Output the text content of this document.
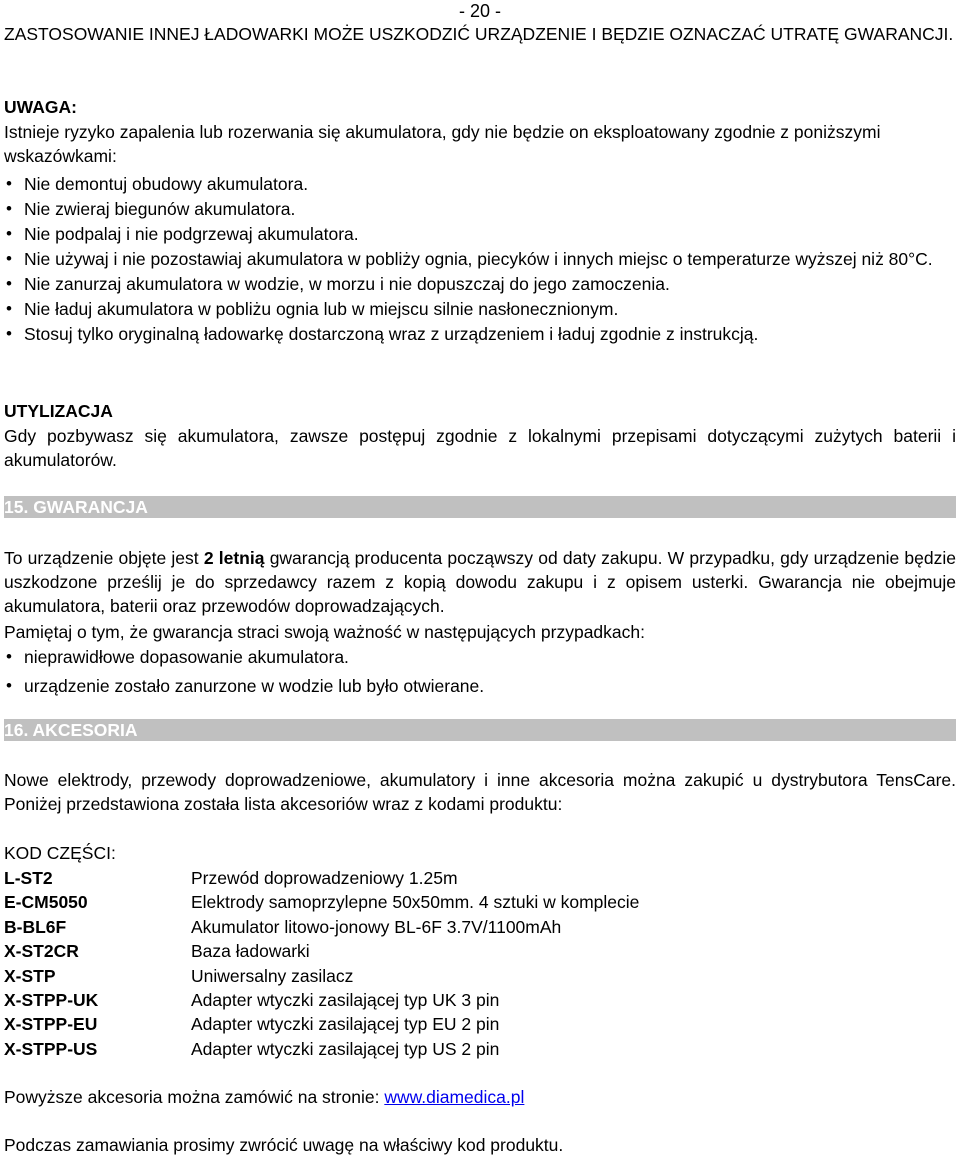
- 20 -

ZASTOSOWANIE INNEJ ŁADOWARKI MOŻE USZKODZIĆ URZĄDZENIE I BĘDZIE OZNACZAĆ UTRATĘ GWARANCJI.

UWAGA:

Istnieje ryzyko zapalenia lub rozerwania się akumulatora, gdy nie będzie on eksploatowany zgodnie z poniższymi wskazówkami:

• Nie demontuj obudowy akumulatora.
• Nie zwieraj biegunów akumulatora.
• Nie podpalaj i nie podgrzewaj akumulatora.
• Nie używaj i nie pozostawiaj akumulatora w pobliży ognia, piecyków i innych miejsc o temperaturze wyższej niż 80°C.
• Nie zanurzaj akumulatora w wodzie, w morzu i nie dopuszczaj do jego zamoczenia.
• Nie ładuj akumulatora w pobliżu ognia lub w miejscu silnie nasłonecznionym.
• Stosuj tylko oryginalną ładowarkę dostarczoną wraz z urządzeniem i ładuj zgodnie z instrukcją.

UTYLIZACJA

Gdy pozbywasz się akumulatora, zawsze postępuj zgodnie z lokalnymi przepisami dotyczącymi zużytych baterii i akumulatorów.

15. GWARANCJA

To urządzenie objęte jest 2 letnią gwarancją producenta począwszy od daty zakupu. W przypadku, gdy urządzenie będzie uszkodzone prześlij je do sprzedawcy razem z kopią dowodu zakupu i z opisem usterki. Gwarancja nie obejmuje akumulatora, baterii oraz przewodów doprowadzających.

Pamiętaj o tym, że gwarancja straci swoją ważność w następujących przypadkach:

• nieprawidłowe dopasowanie akumulatora.
• urządzenie zostało zanurzone w wodzie lub było otwierane.
16. AKCESORIA

Nowe elektrody, przewody doprowadzeniowe, akumulatory i inne akcesoria można zakupić u dystrybutora TensCare. Poniżej przedstawiona została lista akcesoriów wraz z kodami produktu:

KOD CZĘŚCI:

L-ST2	Przewód doprowadzeniowy 1.25m
E-CM5050	Elektrody samoprzylepne 50x50mm. 4 sztuki w komplecie
B-BL6F	Akumulator litowo-jonowy BL-6F 3.7V/1100mAh
X-ST2CR	Baza ładowarki
X-STP	Uniwersalny zasilacz
X-STPP-UK	Adapter wtyczki zasilającej typ UK 3 pin
X-STPP-EU	Adapter wtyczki zasilającej typ EU 2 pin
X-STPP-US	Adapter wtyczki zasilającej typ US 2 pin

Powyższe akcesoria można zamówić na stronie: www.diamedica.pl

Podczas zamawiania prosimy zwrócić uwagę na właściwy kod produktu.
